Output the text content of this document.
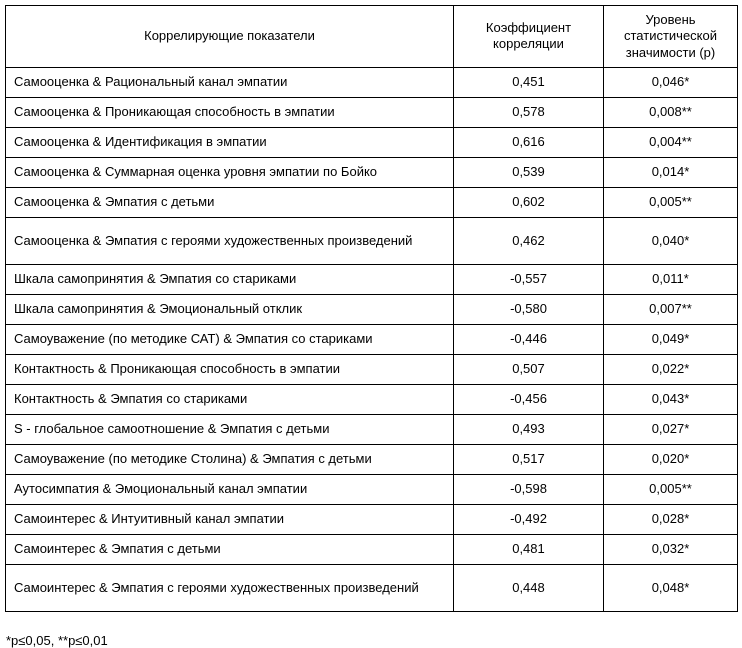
Коррелирующие показатели	Коэффициент корреляции	Уровень статистической значимости (p)
Самооценка & Рациональный канал эмпатии	0,451	0,046*
Самооценка & Проникающая способность в эмпатии	0,578	0,008**
Самооценка & Идентификация в эмпатии	0,616	0,004**
Самооценка & Суммарная оценка уровня эмпатии по Бойко	0,539	0,014*
Самооценка & Эмпатия с детьми	0,602	0,005**
Самооценка & Эмпатия с героями художественных произведений	0,462	0,040*
Шкала самопринятия & Эмпатия со стариками	-0,557	0,011*
Шкала самопринятия & Эмоциональный отклик	-0,580	0,007**
Самоуважение (по методике САТ) & Эмпатия со стариками	-0,446	0,049*
Контактность & Проникающая способность в эмпатии	0,507	0,022*
Контактность & Эмпатия со стариками	-0,456	0,043*
S - глобальное самоотношение & Эмпатия с детьми	0,493	0,027*
Самоуважение (по методике Столина) & Эмпатия с детьми	0,517	0,020*
Аутосимпатия & Эмоциональный канал эмпатии	-0,598	0,005**
Самоинтерес & Интуитивный канал эмпатии	-0,492	0,028*
Самоинтерес & Эмпатия с детьми	0,481	0,032*
Самоинтерес & Эмпатия с героями художественных произведений	0,448	0,048*
*p≤0,05, **p≤0,01
